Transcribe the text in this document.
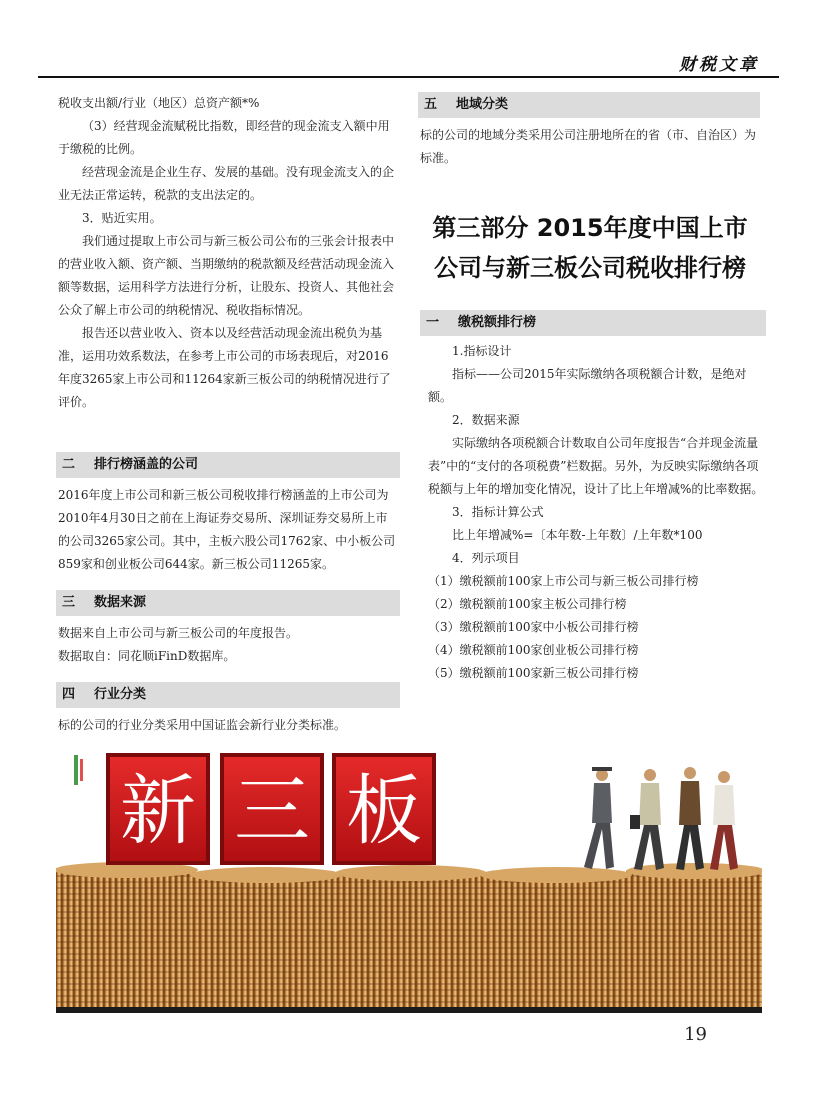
财税文章

税收支出额/行业（地区）总资产额*%

（3）经营现金流赋税比指数，即经营的现金流支入额中用于缴税的比例。

经营现金流是企业生存、发展的基础。没有现金流支入的企业无法正常运转，税款的支出法定的。

3．贴近实用。

我们通过提取上市公司与新三板公司公布的三张会计报表中的营业收入额、资产额、当期缴纳的税款额及经营活动现金流入额等数据，运用科学方法进行分析，让股东、投资人、其他社会公众了解上市公司的纳税情况、税收指标情况。

报告还以营业收入、资本以及经营活动现金流出税负为基准，运用功效系数法，在参考上市公司的市场表现后，对2016年度3265家上市公司和11264家新三板公司的纳税情况进行了评价。

二 排行榜涵盖的公司

2016年度上市公司和新三板公司税收排行榜涵盖的上市公司为2010年4月30日之前在上海证券交易所、深圳证券交易所上市的公司3265家公司。其中，主板六股公司1762家、中小板公司859家和创业板公司644家。新三板公司11265家。

三 数据来源

数据来自上市公司与新三板公司的年度报告。

数据取自：同花顺iFinD数据库。

四 行业分类

标的公司的行业分类采用中国证监会新行业分类标准。

五 地域分类

标的公司的地域分类采用公司注册地所在的省（市、自治区）为标准。

第三部分 2015年度中国上市
公司与新三板公司税收排行榜
一 缴税额排行榜

1.指标设计

指标——公司2015年实际缴纳各项税额合计数，是绝对额。

2．数据来源

实际缴纳各项税额合计数取自公司年度报告“合并现金流量表”中的“支付的各项税费”栏数据。另外，为反映实际缴纳各项税额与上年的增加变化情况，设计了比上年增减%的比率数据。

3．指标计算公式

比上年增减%=〔本年数-上年数〕/上年数*100

4．列示项目

（1）缴税额前100家上市公司与新三板公司排行榜

（2）缴税额前100家主板公司排行榜

（3）缴税额前100家中小板公司排行榜

（4）缴税额前100家创业板公司排行榜

（5）缴税额前100家新三板公司排行榜

新 三 板
19
